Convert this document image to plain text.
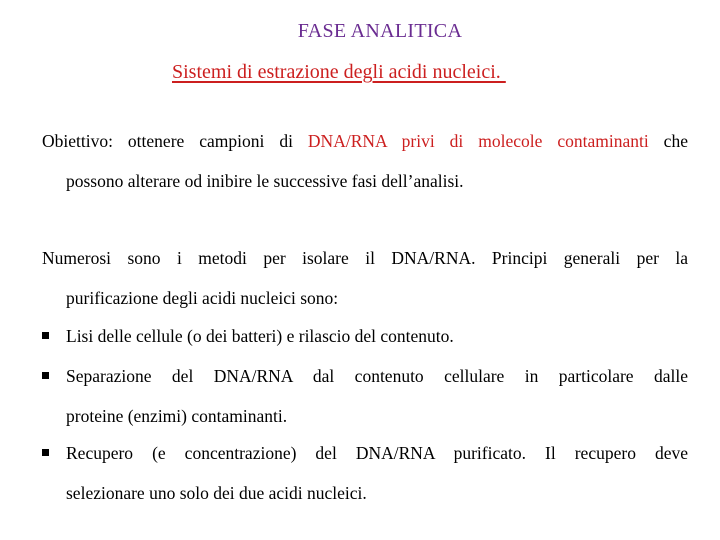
FASE ANALITICA
Sistemi di estrazione degli acidi nucleici.
Obiettivo: ottenere campioni di DNA/RNA privi di molecole contaminanti che
possono alterare od inibire le successive fasi dell’analisi.
Numerosi sono i metodi per isolare il DNA/RNA. Principi generali per la
purificazione degli acidi nucleici sono:
Lisi delle cellule (o dei batteri) e rilascio del contenuto.
Separazione del DNA/RNA dal contenuto cellulare in particolare dalle
proteine (enzimi) contaminanti.
Recupero (e concentrazione) del DNA/RNA purificato. Il recupero deve
selezionare uno solo dei due acidi nucleici.
